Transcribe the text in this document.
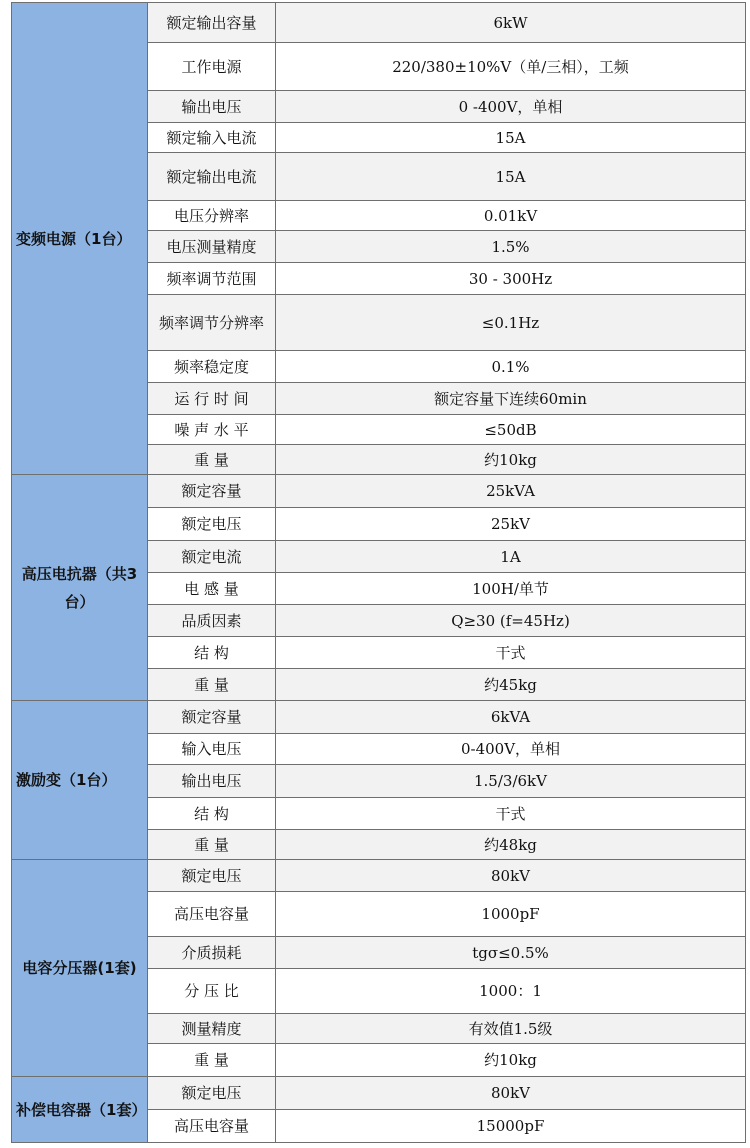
变频电源（1台）	额定输出容量	6kW
	工作电源	220/380±10%V（单/三相），工频
	输出电压	0 -400V，单相
	额定输入电流	15A
	额定输出电流	15A
	电压分辨率	0.01kV
	电压测量精度	1.5%
	频率调节范围	30 - 300Hz
	频率调节分辨率	≤0.1Hz
	频率稳定度	0.1%
	运 行 时 间	额定容量下连续60min
	噪 声 水 平	≤50dB
	重 量	约10kg
高压电抗器（共3台）	额定容量	25kVA
	额定电压	25kV
	额定电流	1A
	电 感 量	100H/单节
	品质因素	Q≥30 (f=45Hz)
	结 构	干式
	重 量	约45kg
激励变（1台）	额定容量	6kVA
	输入电压	0-400V，单相
	输出电压	1.5/3/6kV
	结 构	干式
	重 量	约48kg
电容分压器(1套)	额定电压	80kV
	高压电容量	1000pF
	介质损耗	tgσ≤0.5%
	分 压 比	1000：1
	测量精度	有效值1.5级
	重 量	约10kg
补偿电容器（1套）	额定电压	80kV
	高压电容量	15000pF
